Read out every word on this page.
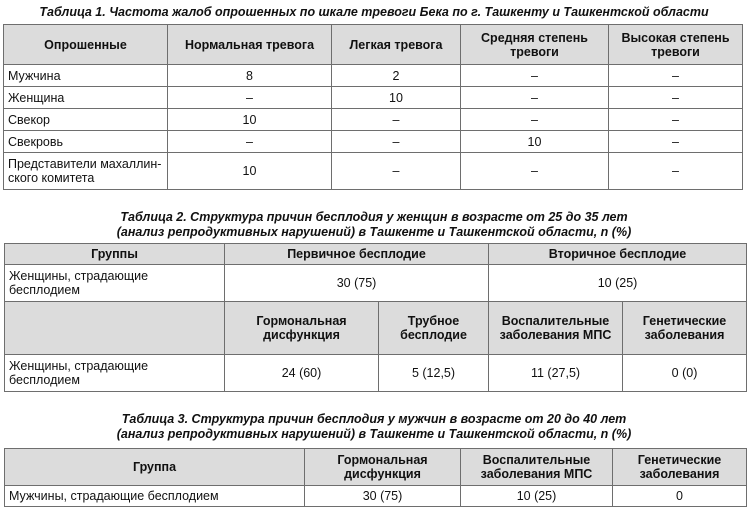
Таблица 1. Частота жалоб опрошенных по шкале тревоги Бека по г. Ташкенту и Ташкентской области
Опрошенные	Нормальная тревога	Легкая тревога	Средняя степень тревоги	Высокая степень тревоги
Мужчина	8	2	–	–
Женщина	–	10	–	–
Свекор	10	–	–	–
Свекровь	–	–	10	–
Представители махаллин-ского комитета	10	–	–	–
Таблица 2. Структура причин бесплодия у женщин в возрасте от 25 до 35 лет
(анализ репродуктивных нарушений) в Ташкенте и Ташкентской области, n (%)
Группы	Первичное бесплодие		Вторичное бесплодие	
Женщины, страдающие бесплодием	30 (75)		10 (25)	
	Гормональная дисфункция	Трубное бесплодие	Воспалительные заболевания МПС	Генетические заболевания
Женщины, страдающие бесплодием	24 (60)	5 (12,5)	11 (27,5)	0 (0)
Таблица 3. Структура причин бесплодия у мужчин в возрасте от 20 до 40 лет
(анализ репродуктивных нарушений) в Ташкенте и Ташкентской области, n (%)
Группа	Гормональная дисфункция	Воспалительные заболевания МПС	Генетические заболевания
Мужчины, страдающие бесплодием	30 (75)	10 (25)	0
